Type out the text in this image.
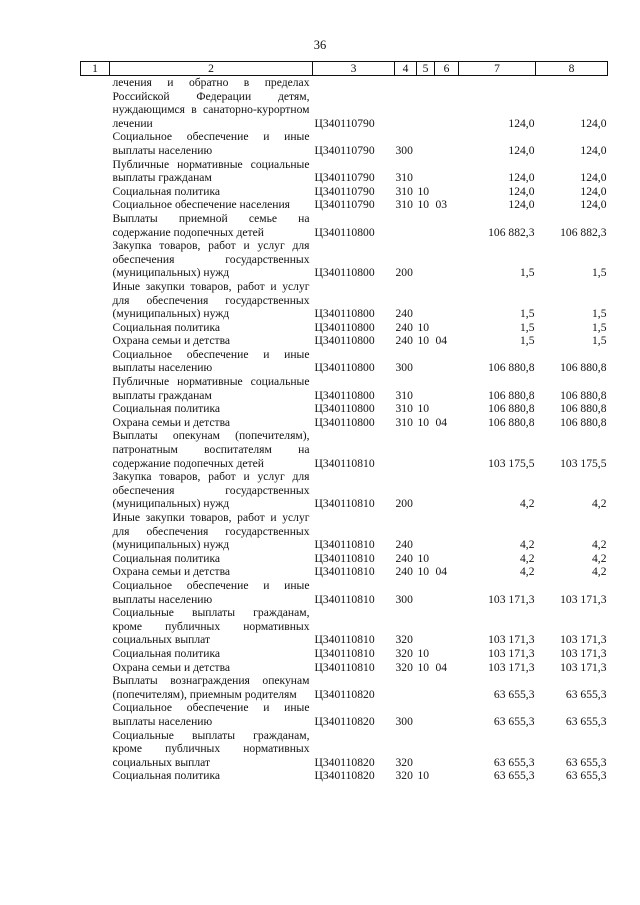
36
1	2	3	4	5	6	7	8
	лечения и обратно в пределах Российской Федерации детям, нуждающимся в санаторно-курортном лечении	Ц340110790				124,0	124,0
	Социальное обеспечение и иные выплаты населению	Ц340110790	300			124,0	124,0
	Публичные нормативные социальные выплаты гражданам	Ц340110790	310			124,0	124,0
	Социальная политика	Ц340110790	310	10		124,0	124,0
	Социальное обеспечение населения	Ц340110790	310	10	03	124,0	124,0
	Выплаты приемной семье на содержание подопечных детей	Ц340110800				106 882,3	106 882,3
	Закупка товаров, работ и услуг для обеспечения государственных (муниципальных) нужд	Ц340110800	200			1,5	1,5
	Иные закупки товаров, работ и услуг для обеспечения государственных (муниципальных) нужд	Ц340110800	240			1,5	1,5
	Социальная политика	Ц340110800	240	10		1,5	1,5
	Охрана семьи и детства	Ц340110800	240	10	04	1,5	1,5
	Социальное обеспечение и иные выплаты населению	Ц340110800	300			106 880,8	106 880,8
	Публичные нормативные социальные выплаты гражданам	Ц340110800	310			106 880,8	106 880,8
	Социальная политика	Ц340110800	310	10		106 880,8	106 880,8
	Охрана семьи и детства	Ц340110800	310	10	04	106 880,8	106 880,8
	Выплаты опекунам (попечителям), патронатным воспитателям на содержание подопечных детей	Ц340110810				103 175,5	103 175,5
	Закупка товаров, работ и услуг для обеспечения государственных (муниципальных) нужд	Ц340110810	200			4,2	4,2
	Иные закупки товаров, работ и услуг для обеспечения государственных (муниципальных) нужд	Ц340110810	240			4,2	4,2
	Социальная политика	Ц340110810	240	10		4,2	4,2
	Охрана семьи и детства	Ц340110810	240	10	04	4,2	4,2
	Социальное обеспечение и иные выплаты населению	Ц340110810	300			103 171,3	103 171,3
	Социальные выплаты гражданам, кроме публичных нормативных социальных выплат	Ц340110810	320			103 171,3	103 171,3
	Социальная политика	Ц340110810	320	10		103 171,3	103 171,3
	Охрана семьи и детства	Ц340110810	320	10	04	103 171,3	103 171,3
	Выплаты вознаграждения опекунам (попечителям), приемным родителям	Ц340110820				63 655,3	63 655,3
	Социальное обеспечение и иные выплаты населению	Ц340110820	300			63 655,3	63 655,3
	Социальные выплаты гражданам, кроме публичных нормативных социальных выплат	Ц340110820	320			63 655,3	63 655,3
	Социальная политика	Ц340110820	320	10		63 655,3	63 655,3
